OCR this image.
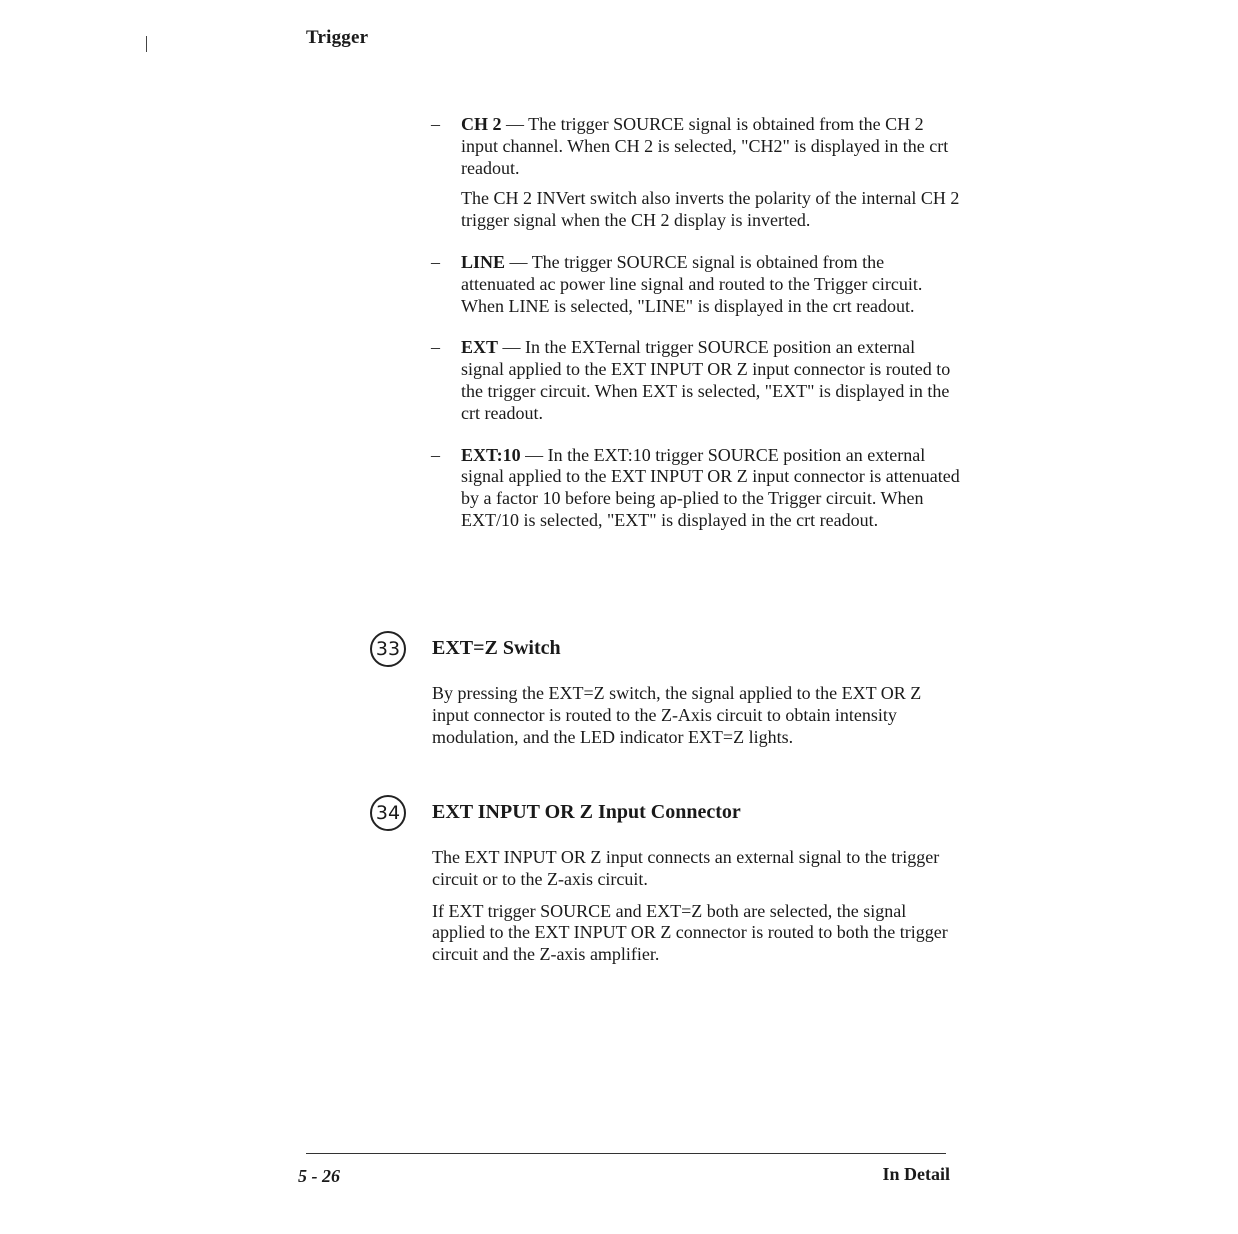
Trigger
– CH 2 — The trigger SOURCE signal is obtained from the CH 2 input channel. When CH 2 is selected, "CH2" is displayed in the crt readout.

The CH 2 INVert switch also inverts the polarity of the internal CH 2 trigger signal when the CH 2 display is inverted.

– LINE — The trigger SOURCE signal is obtained from the attenuated ac power line signal and routed to the Trigger circuit. When LINE is selected, "LINE" is displayed in the crt readout.
– EXT — In the EXTernal trigger SOURCE position an external signal applied to the EXT INPUT OR Z input connector is routed to the trigger circuit. When EXT is selected, "EXT" is displayed in the crt readout.
– EXT:10 — In the EXT:10 trigger SOURCE position an external signal applied to the EXT INPUT OR Z input connector is attenuated by a factor 10 before being ap-plied to the Trigger circuit. When EXT/10 is selected, "EXT" is displayed in the crt readout.
33 EXT=Z Switch

By pressing the EXT=Z switch, the signal applied to the EXT OR Z input connector is routed to the Z-Axis circuit to obtain intensity modulation, and the LED indicator EXT=Z lights.

34 EXT INPUT OR Z Input Connector

The EXT INPUT OR Z input connects an external signal to the trigger circuit or to the Z-axis circuit.

If EXT trigger SOURCE and EXT=Z both are selected, the signal applied to the EXT INPUT OR Z connector is routed to both the trigger circuit and the Z-axis amplifier.

5 - 26	In Detail
